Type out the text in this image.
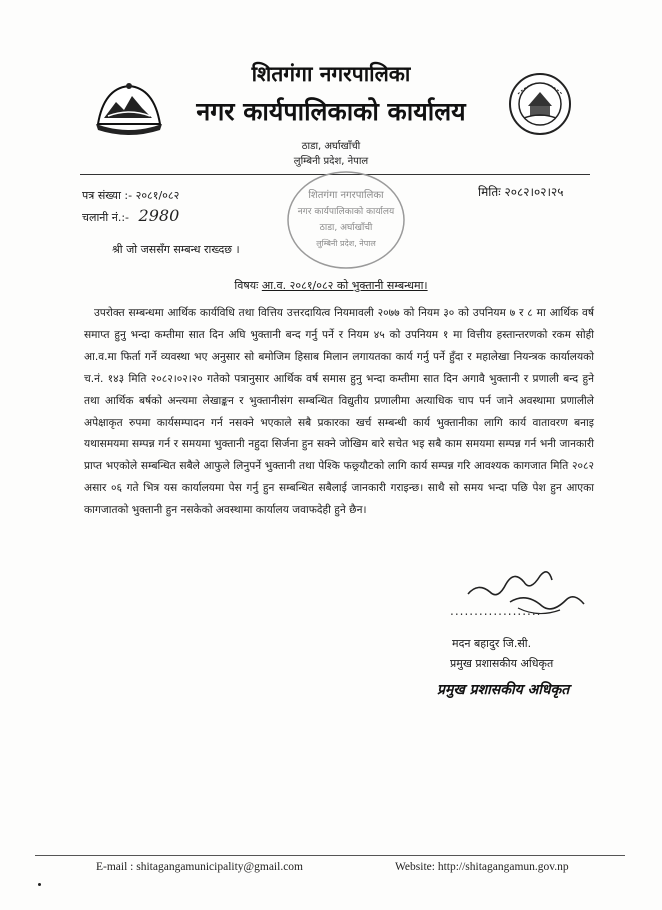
शितगंगा नगरपालिका
नगर कार्यपालिकाको कार्यालय
ठाडा, अर्घाखाँची
लुम्बिनी प्रदेश, नेपाल
शितगंगा नगरपालिका
नगर कार्यपालिकाको कार्यालय
ठाडा, अर्घाखाँची
लुम्बिनी प्रदेश, नेपाल
पत्र संख्या :- २०८१/०८२
चलानी नं.:- 2980
मितिः २०८२।०२।२५
श्री जो जससँग सम्बन्ध राख्दछ ।
विषयः आ.व. २०८१/०८२ को भुक्तानी सम्बन्धमा।
उपरोक्त सम्बन्धमा आर्थिक कार्यविधि तथा वित्तिय उत्तरदायित्व नियमावली २०७७ को नियम ३० को उपनियम ७ र ८ मा आर्थिक वर्ष समाप्त हुनु भन्दा कम्तीमा सात दिन अघि भुक्तानी बन्द गर्नु पर्ने र नियम ४५ को उपनियम १ मा वित्तीय हस्तान्तरणको रकम सोही आ.व.मा फिर्ता गर्ने व्यवस्था भए अनुसार सो बमोजिम हिसाब मिलान लगायतका कार्य गर्नु पर्ने हुँदा र महालेखा नियन्त्रक कार्यालयको च.नं. १४३ मिति २०८२।०२।२० गतेको पत्रानुसार आर्थिक वर्ष समास हुनु भन्दा कम्तीमा सात दिन अगावै भुक्तानी र प्रणाली बन्द हुने तथा आर्थिक बर्षको अन्त्यमा लेखाङ्कन र भुक्तानीसंग सम्बन्धित विद्युतीय प्रणालीमा अत्याधिक चाप पर्न जाने अवस्थामा प्रणालीले अपेक्षाकृत रुपमा कार्यसम्पादन गर्न नसक्ने भएकाले सबै प्रकारका खर्च सम्बन्धी कार्य भुक्तानीका लागि कार्य वातावरण बनाइ यथासमयमा सम्पन्न गर्न र समयमा भुक्तानी नहुदा सिर्जना हुन सक्ने जोखिम बारे सचेत भइ सबै काम समयमा सम्पन्न गर्न भनी जानकारी प्राप्त भएकोले सम्बन्धित सबैले आफुले लिनुपर्ने भुक्तानी तथा पेश्कि फछ्र्यौटको लागि कार्य सम्पन्न गरि आवश्यक कागजात मिति २०८२ असार ०६ गते भित्र यस कार्यालयमा पेस गर्नु हुन सम्बन्धित सबैलाई जानकारी गराइन्छ। साथै सो समय भन्दा पछि पेश हुन आएका कागजातको भुक्तानी हुन नसकेको अवस्थामा कार्यालय जवाफदेही हुने छैन।
...................
मदन बहादुर जि.सी.
प्रमुख प्रशासकीय अधिकृत
प्रमुख प्रशासकीय अधिकृत
E-mail : shitagangamunicipality@gmail.com	Website: http://shitagangamun.gov.np
